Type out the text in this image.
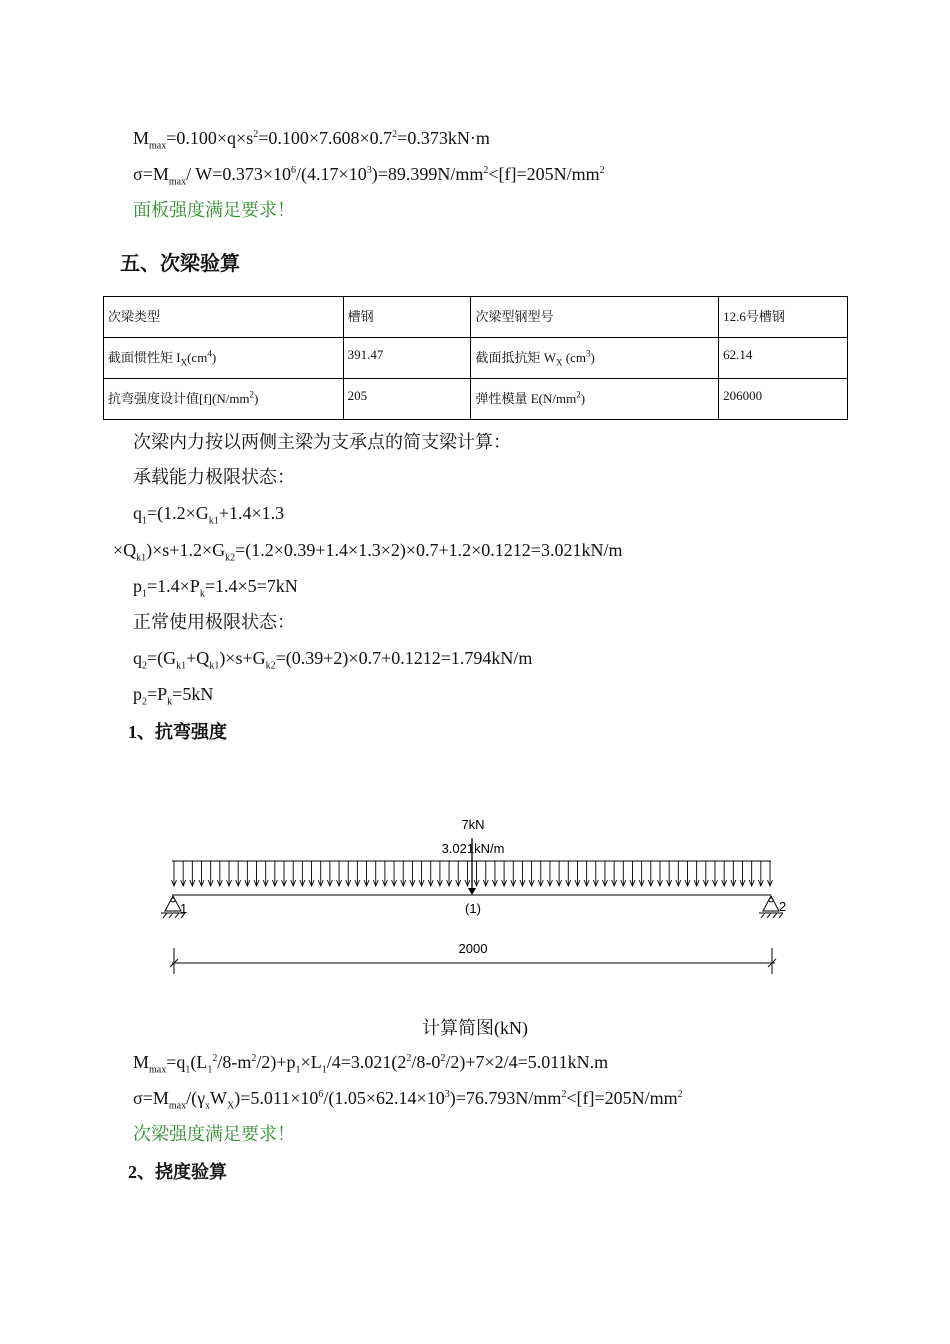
$M_{max}=0.100\times q\times s^2=0.100\times 7.608\times 0.7^2=0.373kN\cdot m$
$\sigma=M_{max}/$ $W=0.373\times 10^6/(4.17\times 10^3)=89.399N/mm^2<[f]=205N/mm^2$
面板强度满足要求！
五、次梁验算
次梁类型	槽钢	次梁型钢型号	12.6号槽钢
截面惯性矩 $I_X(cm^4)$	391.47	截面抵抗矩 $W_X$ $(cm^3)$	62.14
抗弯强度设计值$[f](N/mm^2)$	205	弹性模量 $E(N/mm^2)$	206000
次梁内力按以两侧主梁为支承点的简支梁计算：
承载能力极限状态：
$q_1=(1.2\times G_{k1}+1.4\times 1.3$
$\times Q_{k1})\times s+1.2\times G_{k2}=(1.2\times 0.39+1.4\times 1.3\times 2)\times 0.7+1.2\times 0.1212=3.021kN/m$
$p_1=1.4\times P_k=1.4\times 5=7kN$
正常使用极限状态：
$q_2=(G_{k1}+Q_{k1})\times s+G_{k2}=(0.39+2)\times 0.7+0.1212=1.794kN/m$
$p_2=P_k=5kN$
1、抗弯强度
7kN
3.021kN/m
1	2
(1)
2000
计算简图(kN)
$M_{max}=q_1(L_1^2/8-m^2/2)+p_1\times L_1/4=3.021(2^2/8-0^2/2)+7\times 2/4=5.011kN.m$
$\sigma=M_{max}/(\gamma_xW_X)=5.011\times 10^6/(1.05\times 62.14\times 10^3)=76.793N/mm^2<[f]=205N/mm^2$
次梁强度满足要求！
2、挠度验算
